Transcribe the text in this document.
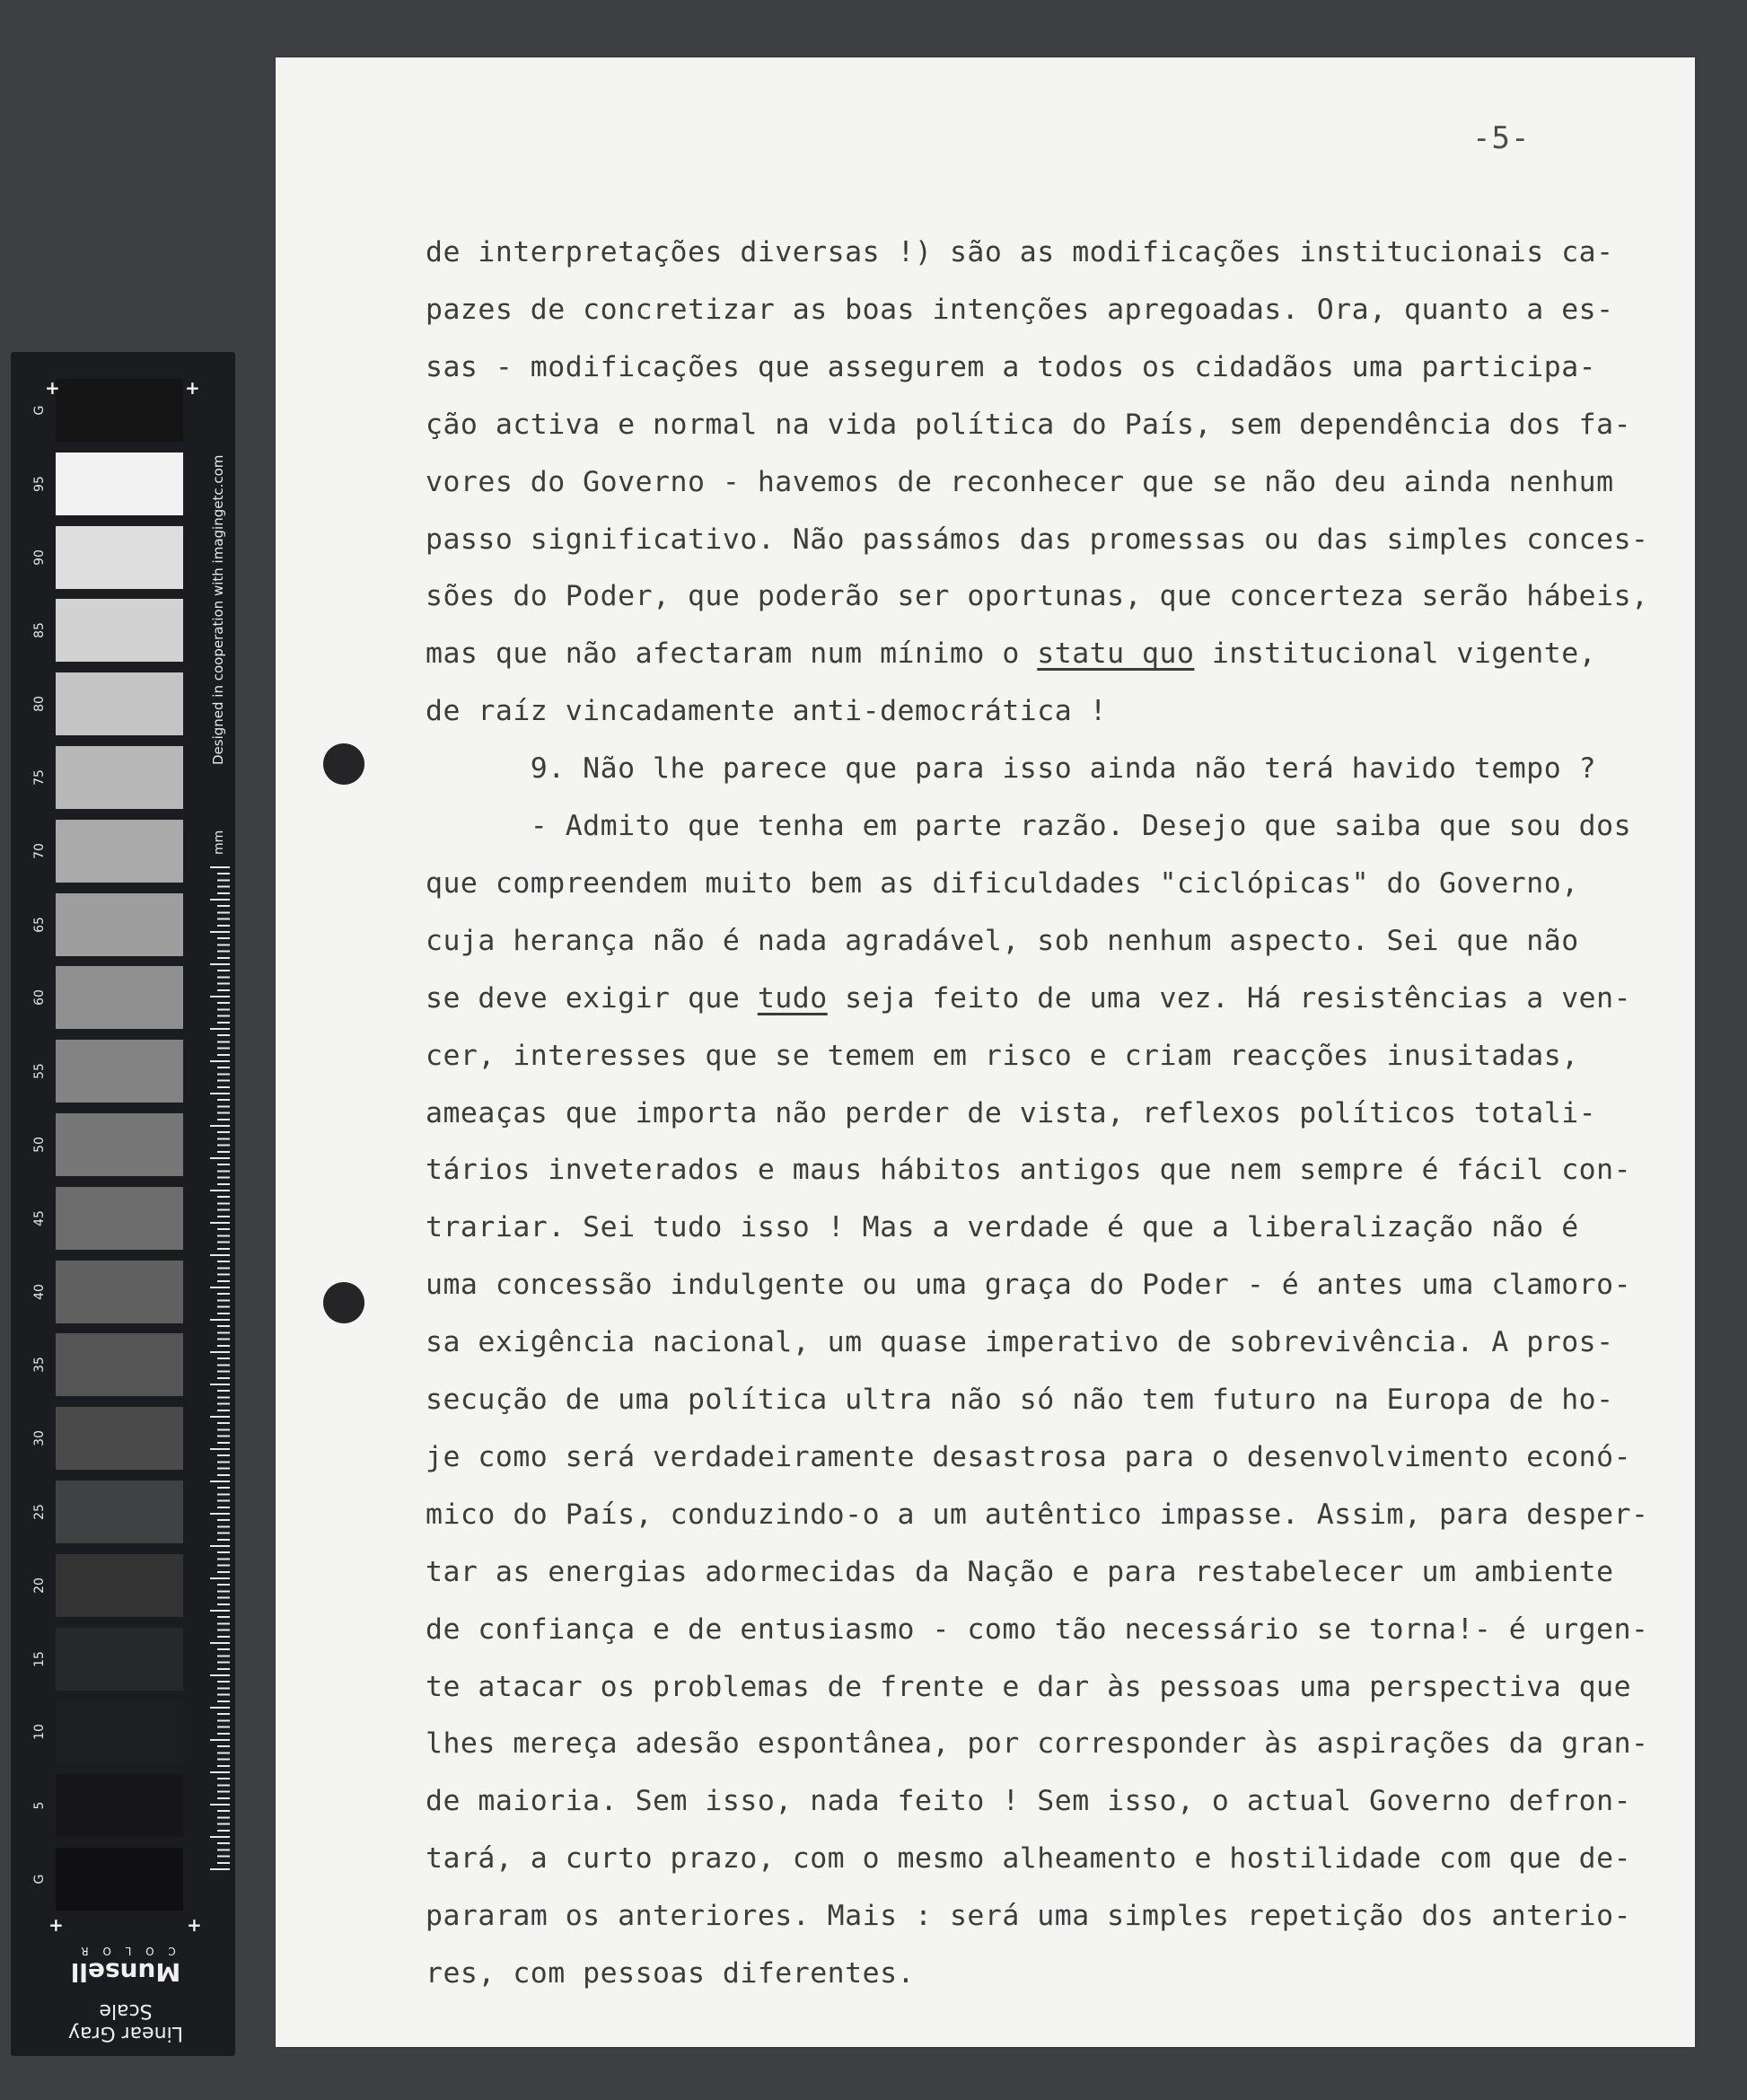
G
95
90
85
80
75
70
65
60
55
50
45
40
35
30
25
20
15
10
5
G
+	+
+	+
Designed in cooperation with imagingetc.com
mm
Linear Gray Scale
Munsell
C O L O R
-5-
de interpretações diversas !) são as modificações institucionais ca-
pazes de concretizar as boas intenções apregoadas. Ora, quanto a es-
sas - modificações que assegurem a todos os cidadãos uma participa-
ção activa e normal na vida política do País, sem dependência dos fa-
vores do Governo - havemos de reconhecer que se não deu ainda nenhum
passo significativo. Não passámos das promessas ou das simples conces-
sões do Poder, que poderão ser oportunas, que concerteza serão hábeis,
mas que não afectaram num mínimo o statu quo institucional vigente,
de raíz vincadamente anti-democrática !
9. Não lhe parece que para isso ainda não terá havido tempo ?
- Admito que tenha em parte razão. Desejo que saiba que sou dos
que compreendem muito bem as dificuldades "ciclópicas" do Governo,
cuja herança não é nada agradável, sob nenhum aspecto. Sei que não
se deve exigir que tudo seja feito de uma vez. Há resistências a ven-
cer, interesses que se temem em risco e criam reacções inusitadas,
ameaças que importa não perder de vista, reflexos políticos totali-
tários inveterados e maus hábitos antigos que nem sempre é fácil con-
trariar. Sei tudo isso ! Mas a verdade é que a liberalização não é
uma concessão indulgente ou uma graça do Poder - é antes uma clamoro-
sa exigência nacional, um quase imperativo de sobrevivência. A pros-
secução de uma política ultra não só não tem futuro na Europa de ho-
je como será verdadeiramente desastrosa para o desenvolvimento econó-
mico do País, conduzindo-o a um autêntico impasse. Assim, para desper-
tar as energias adormecidas da Nação e para restabelecer um ambiente
de confiança e de entusiasmo - como tão necessário se torna!- é urgen-
te atacar os problemas de frente e dar às pessoas uma perspectiva que
lhes mereça adesão espontânea, por corresponder às aspirações da gran-
de maioria. Sem isso, nada feito ! Sem isso, o actual Governo defron-
tará, a curto prazo, com o mesmo alheamento e hostilidade com que de-
pararam os anteriores. Mais : será uma simples repetição dos anterio-
res, com pessoas diferentes.
